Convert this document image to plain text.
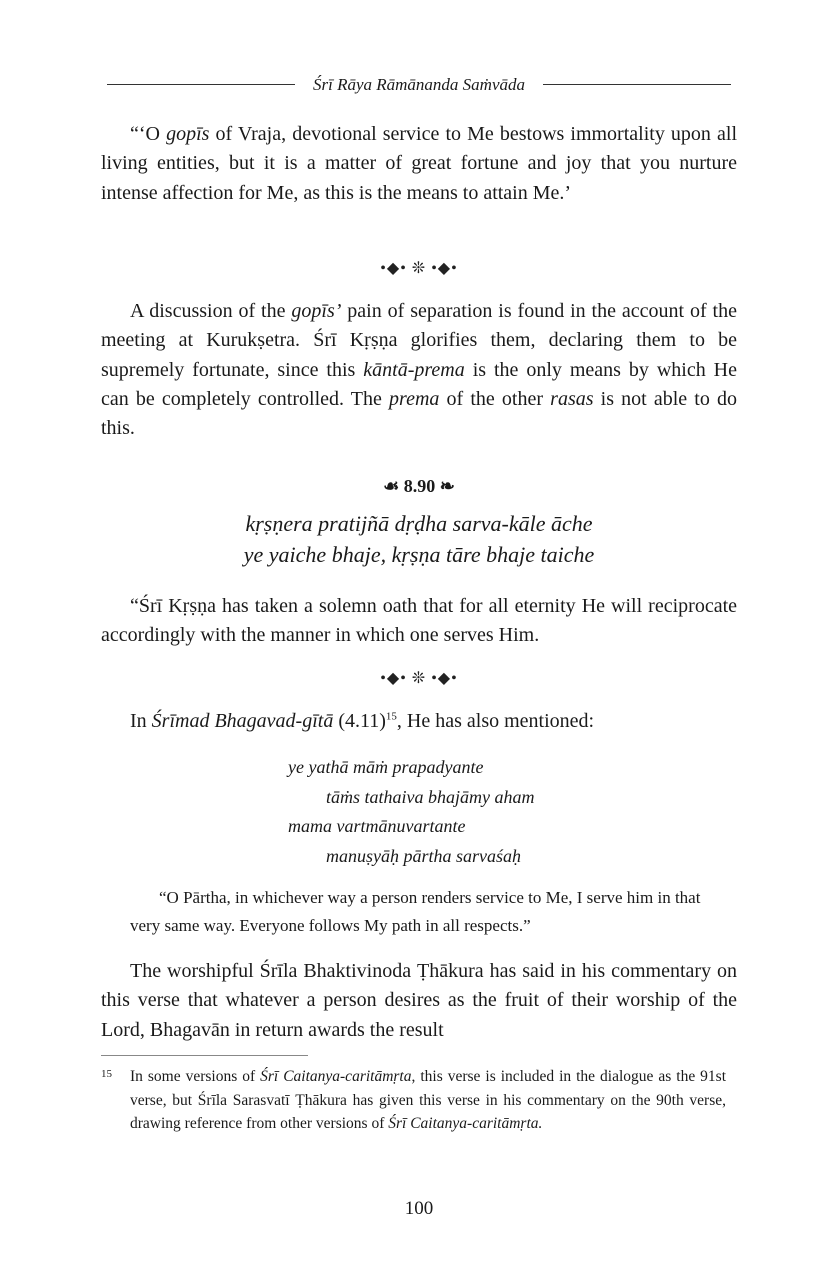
Śrī Rāya Rāmānanda Saṁvāda

“‘O gopīs of Vraja, devotional service to Me bestows immortality upon all living entities, but it is a matter of great fortune and joy that you nurture intense affection for Me, as this is the means to attain Me.’

•◆• ❊ •◆•

A discussion of the gopīs’ pain of separation is found in the account of the meeting at Kurukṣetra. Śrī Kṛṣṇa glorifies them, declaring them to be supremely fortunate, since this kāntā-prema is the only means by which He can be completely controlled. The prema of the other rasas is not able to do this.

☙ 8.90 ❧
kṛṣṇera pratijñā dṛḍha sarva-kāle āche
ye yaiche bhaje, kṛṣṇa tāre bhaje taiche

“Śrī Kṛṣṇa has taken a solemn oath that for all eternity He will reciprocate accordingly with the manner in which one serves Him.

•◆• ❊ •◆•

In Śrīmad Bhagavad-gītā $(4.11)^{15}$, He has also mentioned:

ye yathā māṁ prapadyante
tāṁs tathaiva bhajāmy aham
mama vartmānuvartante
manuṣyāḥ pārtha sarvaśaḥ

“O Pārtha, in whichever way a person renders service to Me, I serve him in that very same way. Everyone follows My path in all respects.”

The worshipful Śrīla Bhaktivinoda Ṭhākura has said in his commentary on this verse that whatever a person desires as the fruit of their worship of the Lord, Bhagavān in return awards the result

15 In some versions of Śrī Caitanya-caritāmṛta, this verse is included in the dialogue as the 91st verse, but Śrīla Sarasvatī Ṭhākura has given this verse in his commentary on the 90th verse, drawing reference from other versions of Śrī Caitanya-caritāmṛta.
100
